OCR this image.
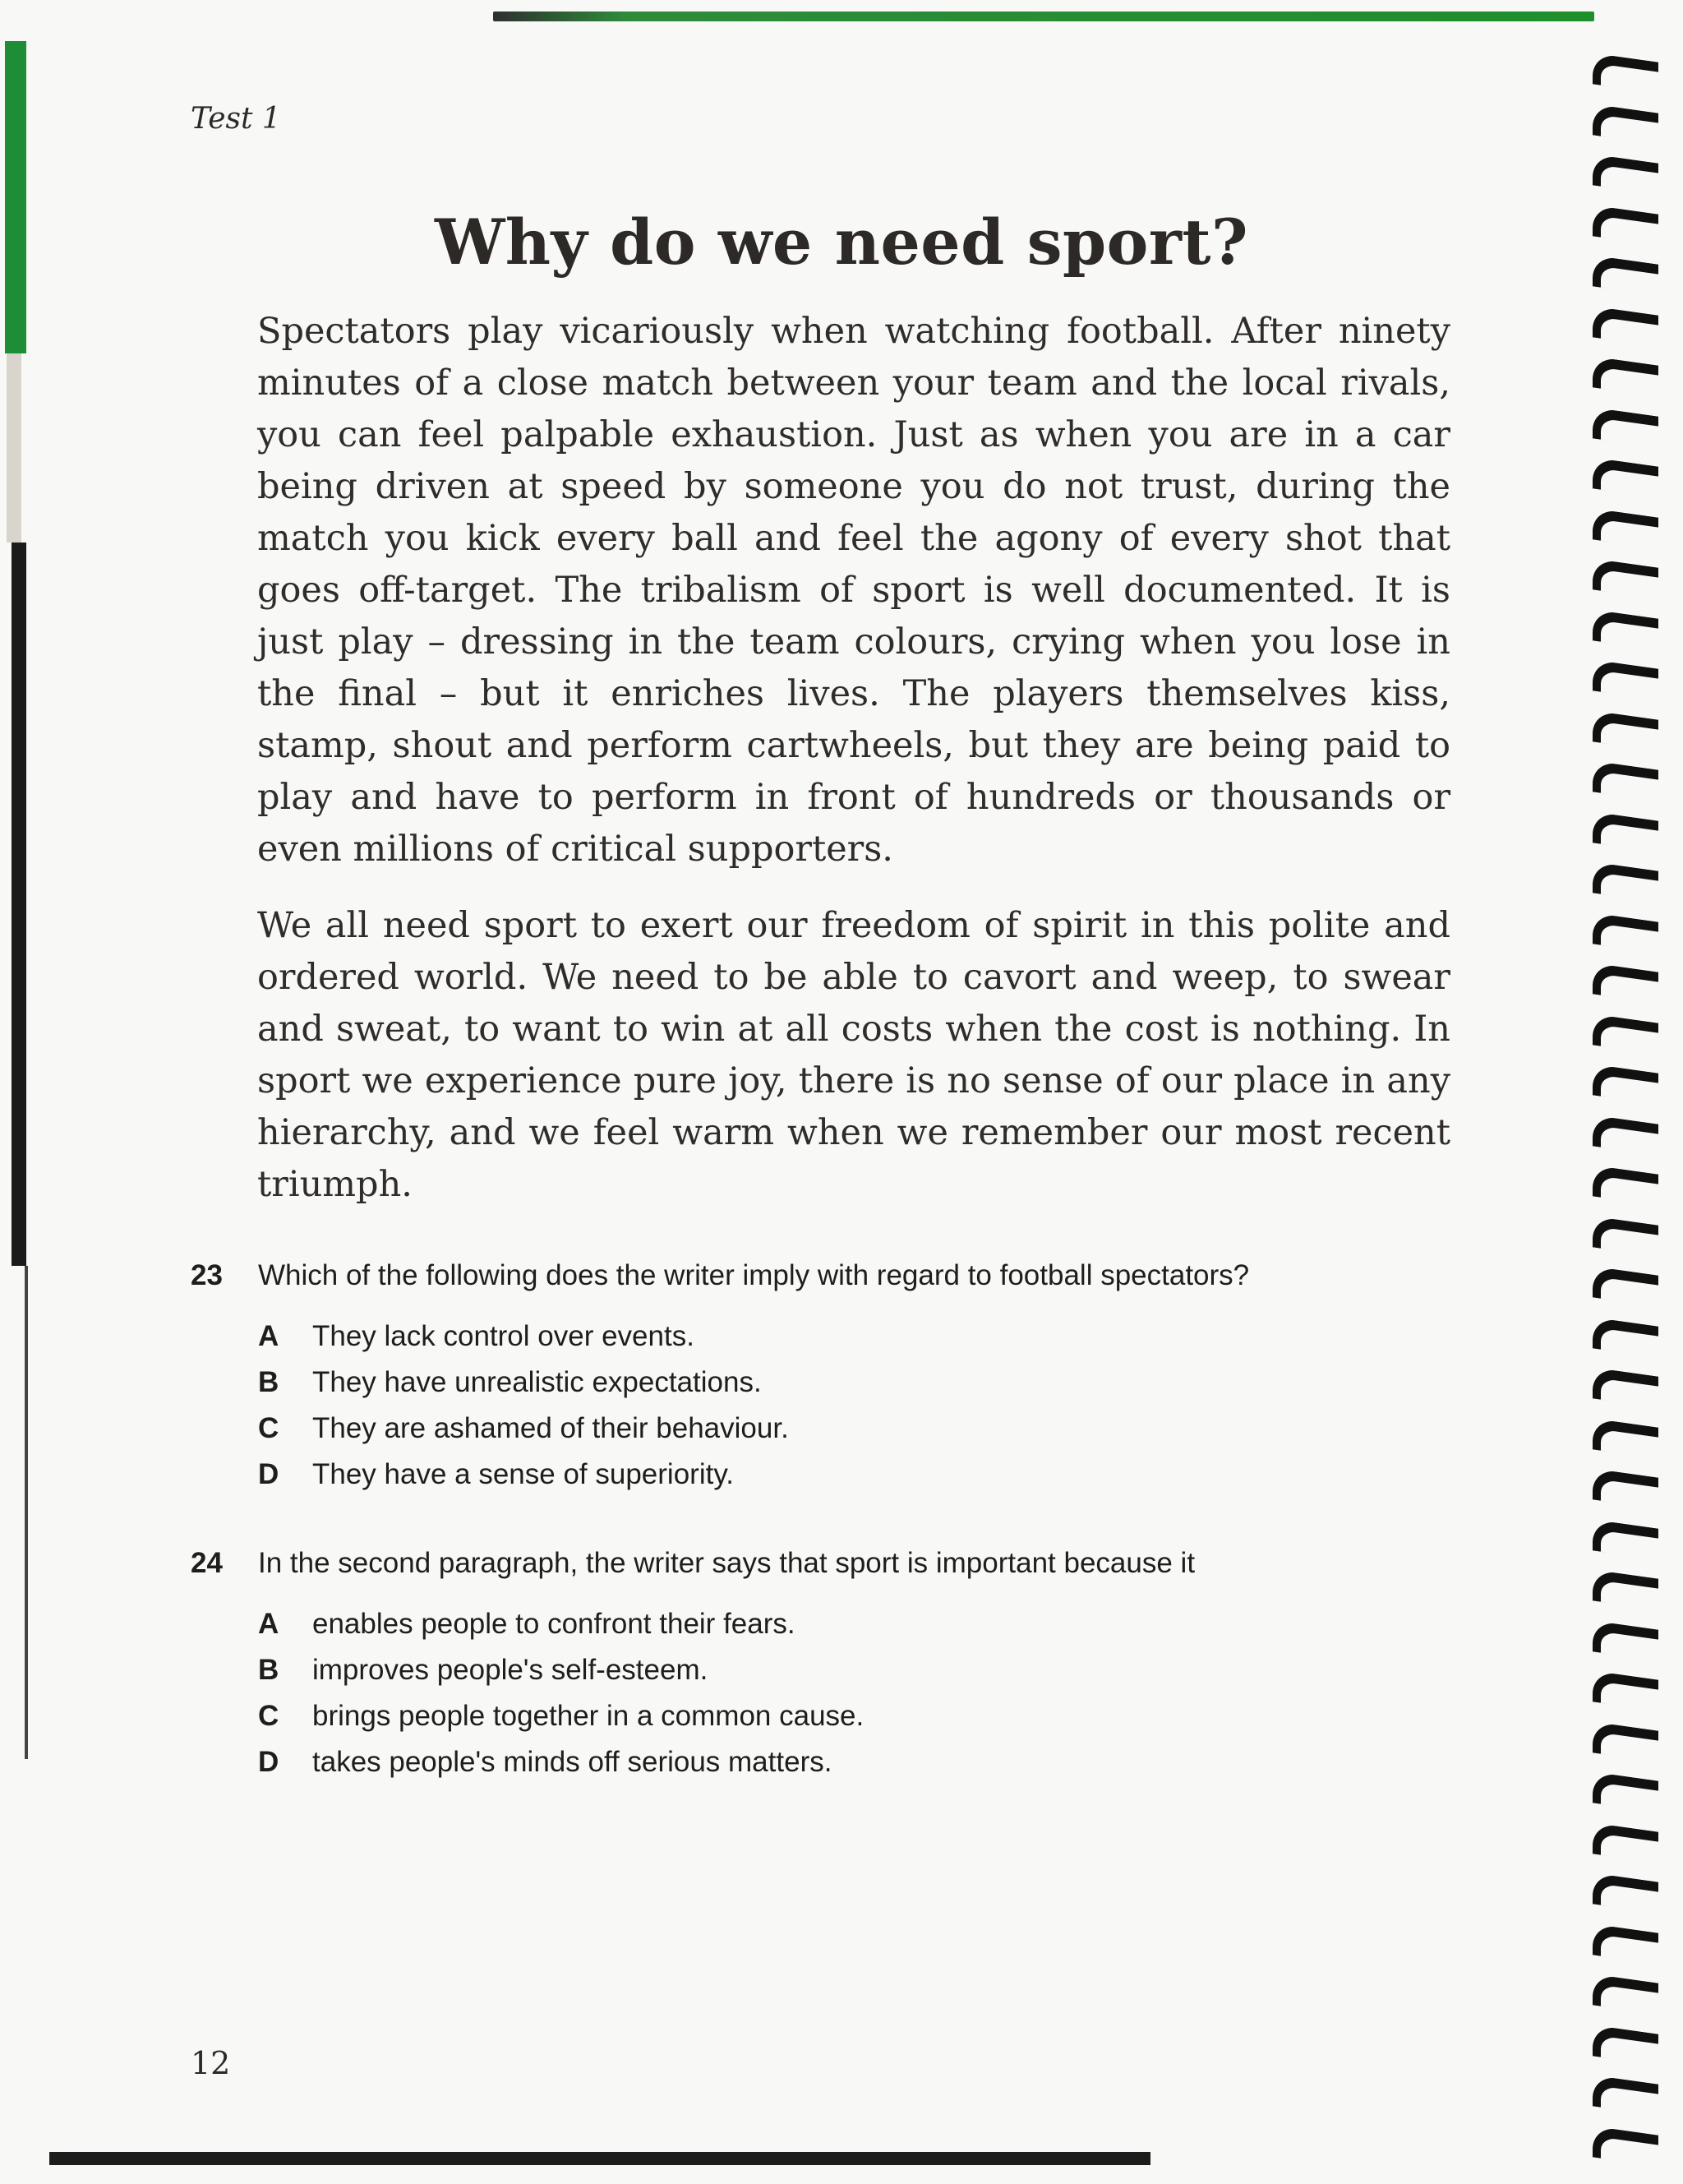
Test 1
Why do we need sport?

Spectators play vicariously when watching football. After ninety minutes of a close match between your team and the local rivals, you can feel palpable exhaustion. Just as when you are in a car being driven at speed by someone you do not trust, during the match you kick every ball and feel the agony of every shot that goes off-target. The tribalism of sport is well documented. It is just play – dressing in the team colours, crying when you lose in the final – but it enriches lives. The players themselves kiss, stamp, shout and perform cartwheels, but they are being paid to play and have to perform in front of hundreds or thousands or even millions of critical supporters.

We all need sport to exert our freedom of spirit in this polite and ordered world. We need to be able to cavort and weep, to swear and sweat, to want to win at all costs when the cost is nothing. In sport we experience pure joy, there is no sense of our place in any hierarchy, and we feel warm when we remember our most recent triumph.

23	Which of the following does the writer imply with regard to football spectators?
A	They lack control over events.
B	They have unrealistic expectations.
C	They are ashamed of their behaviour.
D	They have a sense of superiority.
24	In the second paragraph, the writer says that sport is important because it
A	enables people to confront their fears.
B	improves people's self-esteem.
C	brings people together in a common cause.
D	takes people's minds off serious matters.
12
